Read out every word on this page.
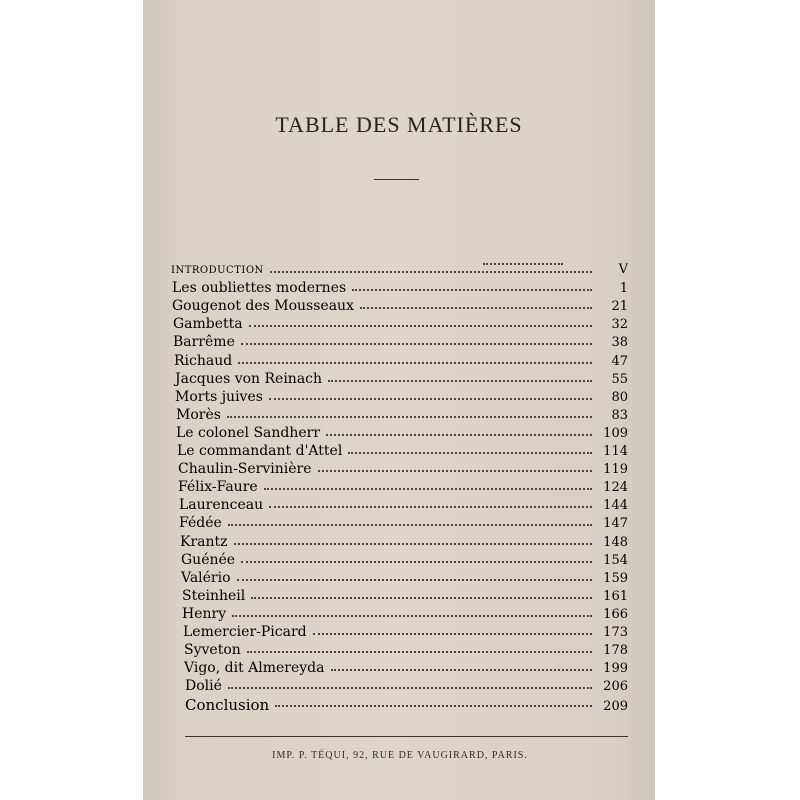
TABLE DES MATIÈRES
INTRODUCTION	V
Les oubliettes modernes	1
Gougenot des Mousseaux	21
Gambetta	32
Barrême	38
Richaud	47
Jacques von Reinach	55
Morts juives	80
Morès	83
Le colonel Sandherr	109
Le commandant d'Attel	114
Chaulin-Servinière	119
Félix-Faure	124
Laurenceau	144
Fédée	147
Krantz	148
Guénée	154
Valério	159
Steinheil	161
Henry	166
Lemercier-Picard	173
Syveton	178
Vigo, dit Almereyda	199
Dolié	206
Conclusion	209
IMP. P. TÉQUI, 92, RUE DE VAUGIRARD, PARIS.
